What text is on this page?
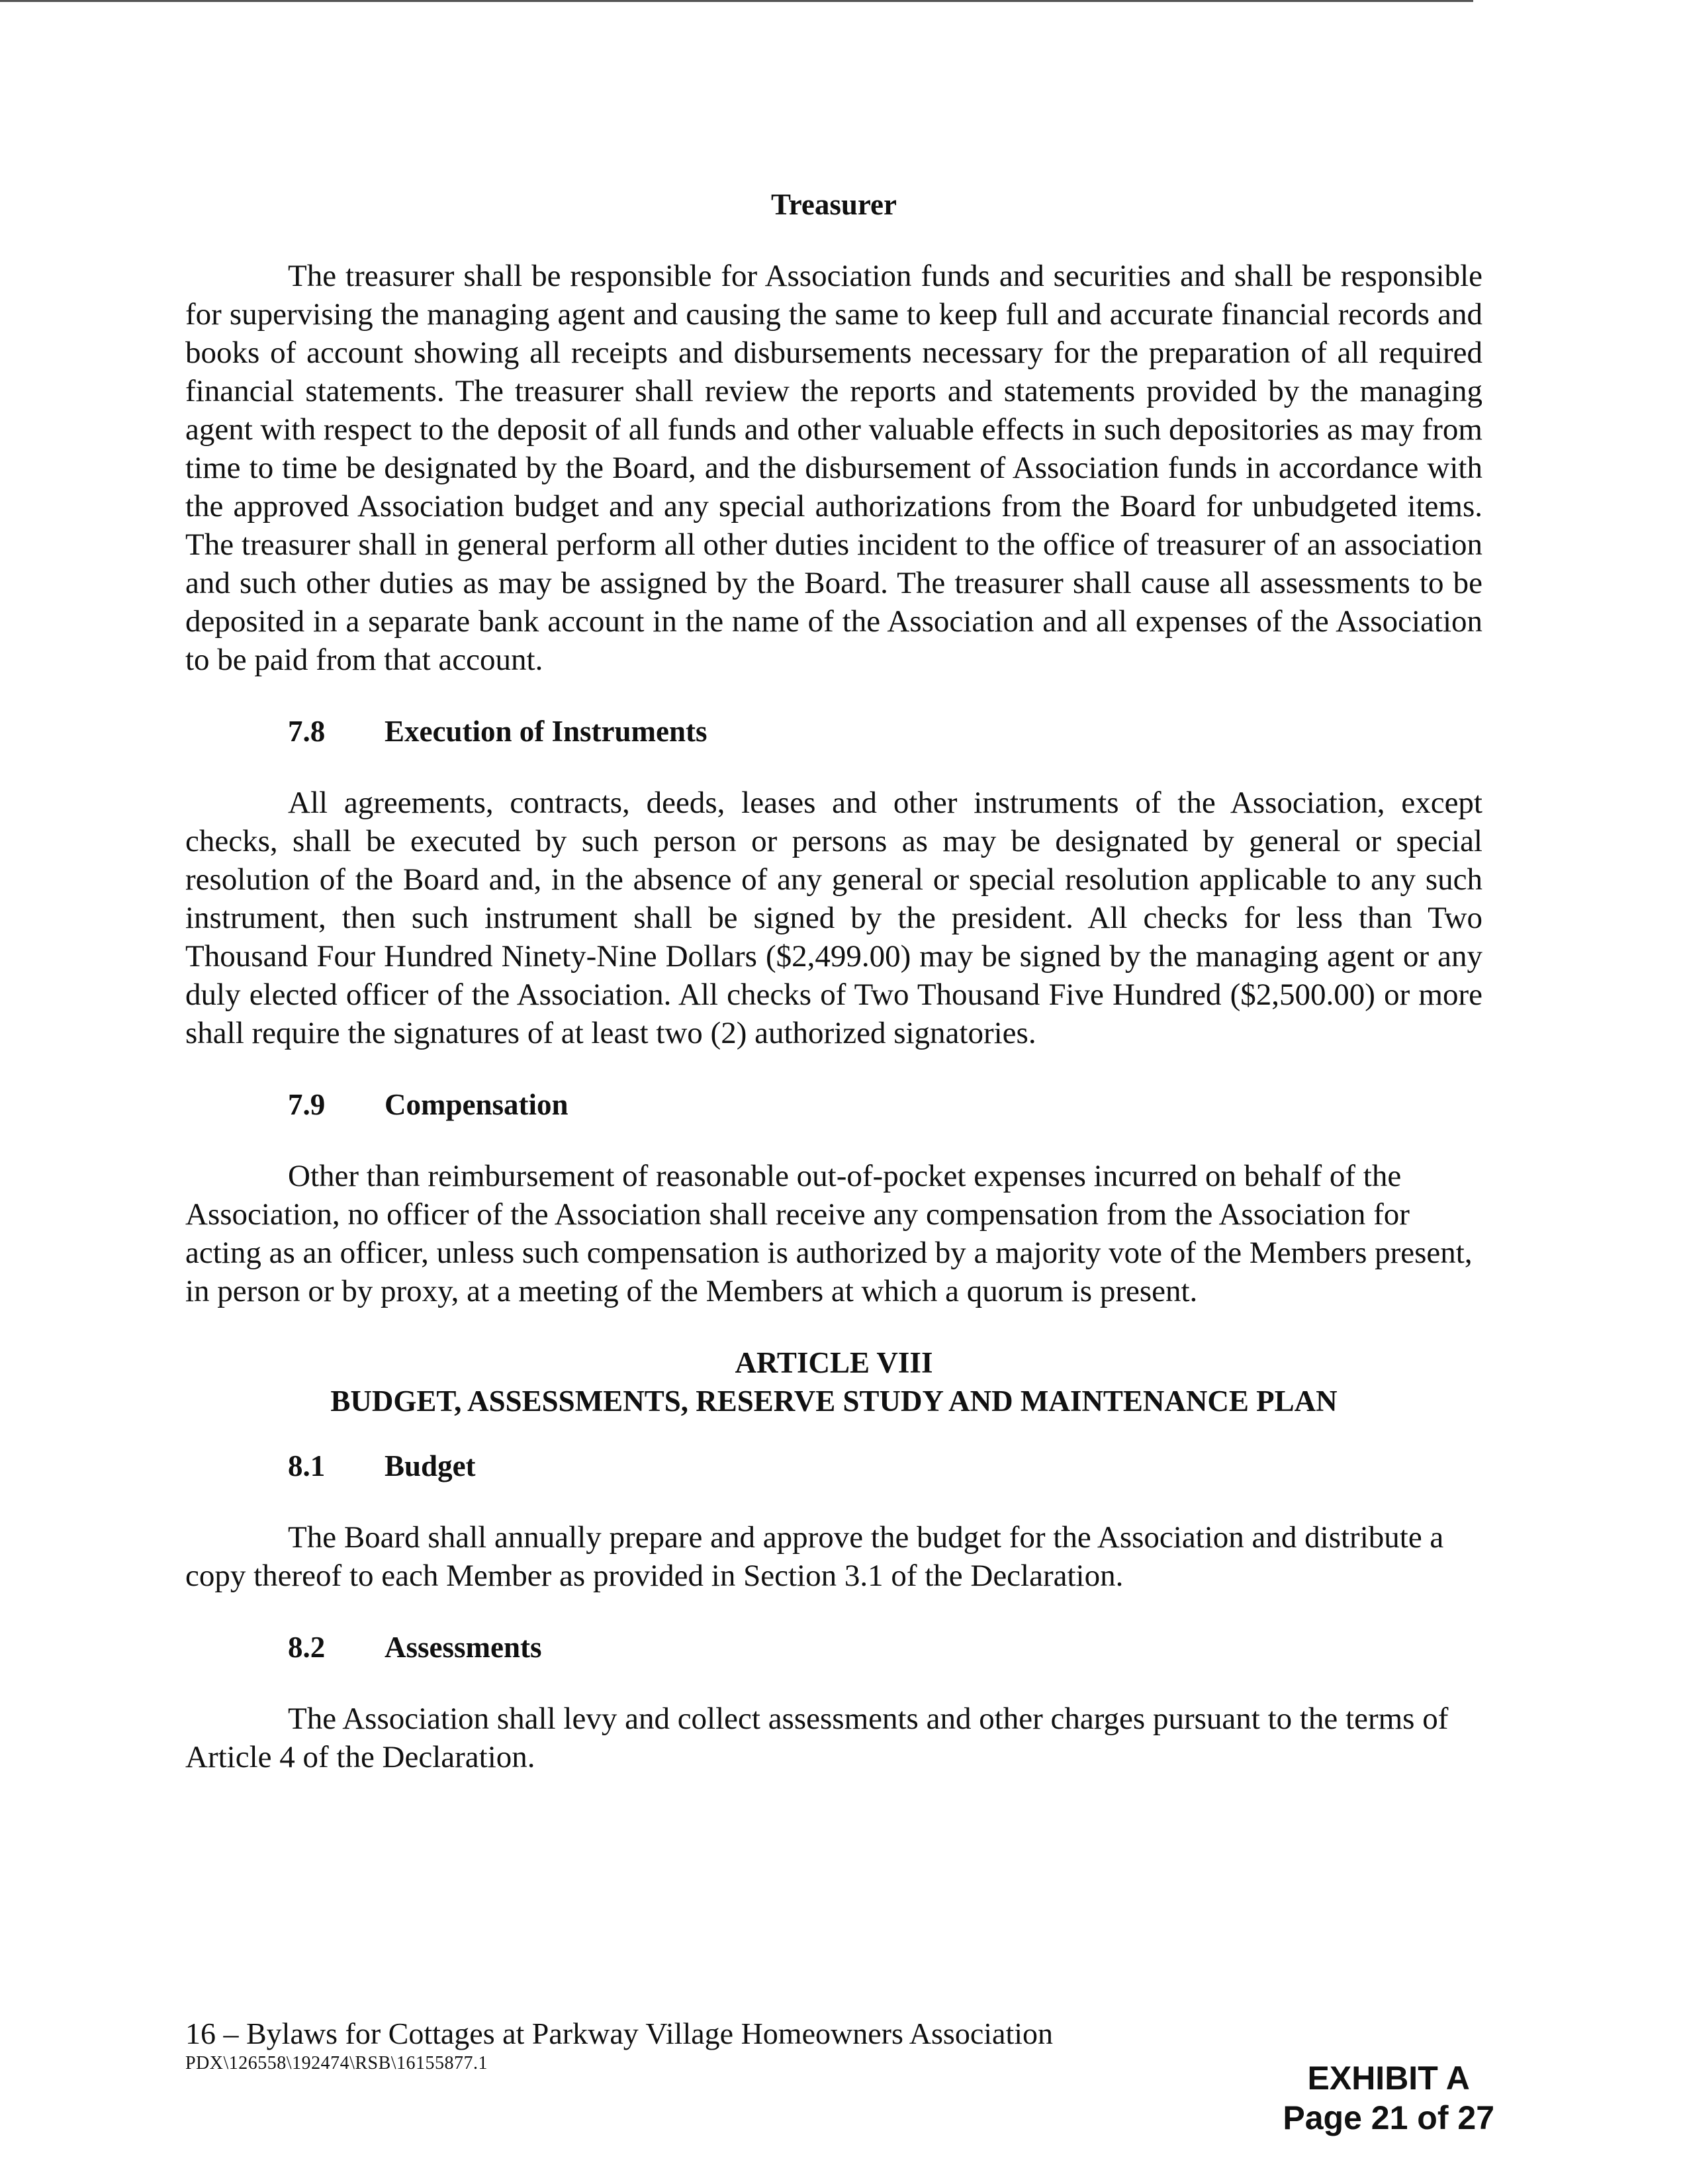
Treasurer

The treasurer shall be responsible for Association funds and securities and shall be responsible for supervising the managing agent and causing the same to keep full and accurate financial records and books of account showing all receipts and disbursements necessary for the preparation of all required financial statements. The treasurer shall review the reports and statements provided by the managing agent with respect to the deposit of all funds and other valuable effects in such depositories as may from time to time be designated by the Board, and the disbursement of Association funds in accordance with the approved Association budget and any special authorizations from the Board for unbudgeted items. The treasurer shall in general perform all other duties incident to the office of treasurer of an association and such other duties as may be assigned by the Board. The treasurer shall cause all assessments to be deposited in a separate bank account in the name of the Association and all expenses of the Association to be paid from that account.

7.8 Execution of Instruments

All agreements, contracts, deeds, leases and other instruments of the Association, except checks, shall be executed by such person or persons as may be designated by general or special resolution of the Board and, in the absence of any general or special resolution applicable to any such instrument, then such instrument shall be signed by the president. All checks for less than Two Thousand Four Hundred Ninety-Nine Dollars ($2,499.00) may be signed by the managing agent or any duly elected officer of the Association. All checks of Two Thousand Five Hundred ($2,500.00) or more shall require the signatures of at least two (2) authorized signatories.

7.9 Compensation

Other than reimbursement of reasonable out-of-pocket expenses incurred on behalf of the Association, no officer of the Association shall receive any compensation from the Association for acting as an officer, unless such compensation is authorized by a majority vote of the Members present, in person or by proxy, at a meeting of the Members at which a quorum is present.

ARTICLE VIII
BUDGET, ASSESSMENTS, RESERVE STUDY AND MAINTENANCE PLAN
8.1 Budget

The Board shall annually prepare and approve the budget for the Association and distribute a copy thereof to each Member as provided in Section 3.1 of the Declaration.

8.2 Assessments

The Association shall levy and collect assessments and other charges pursuant to the terms of Article 4 of the Declaration.

16 – Bylaws for Cottages at Parkway Village Homeowners Association

PDX\126558\192474\RSB\16155877.1	EXHIBIT A
Page 21 of 27
